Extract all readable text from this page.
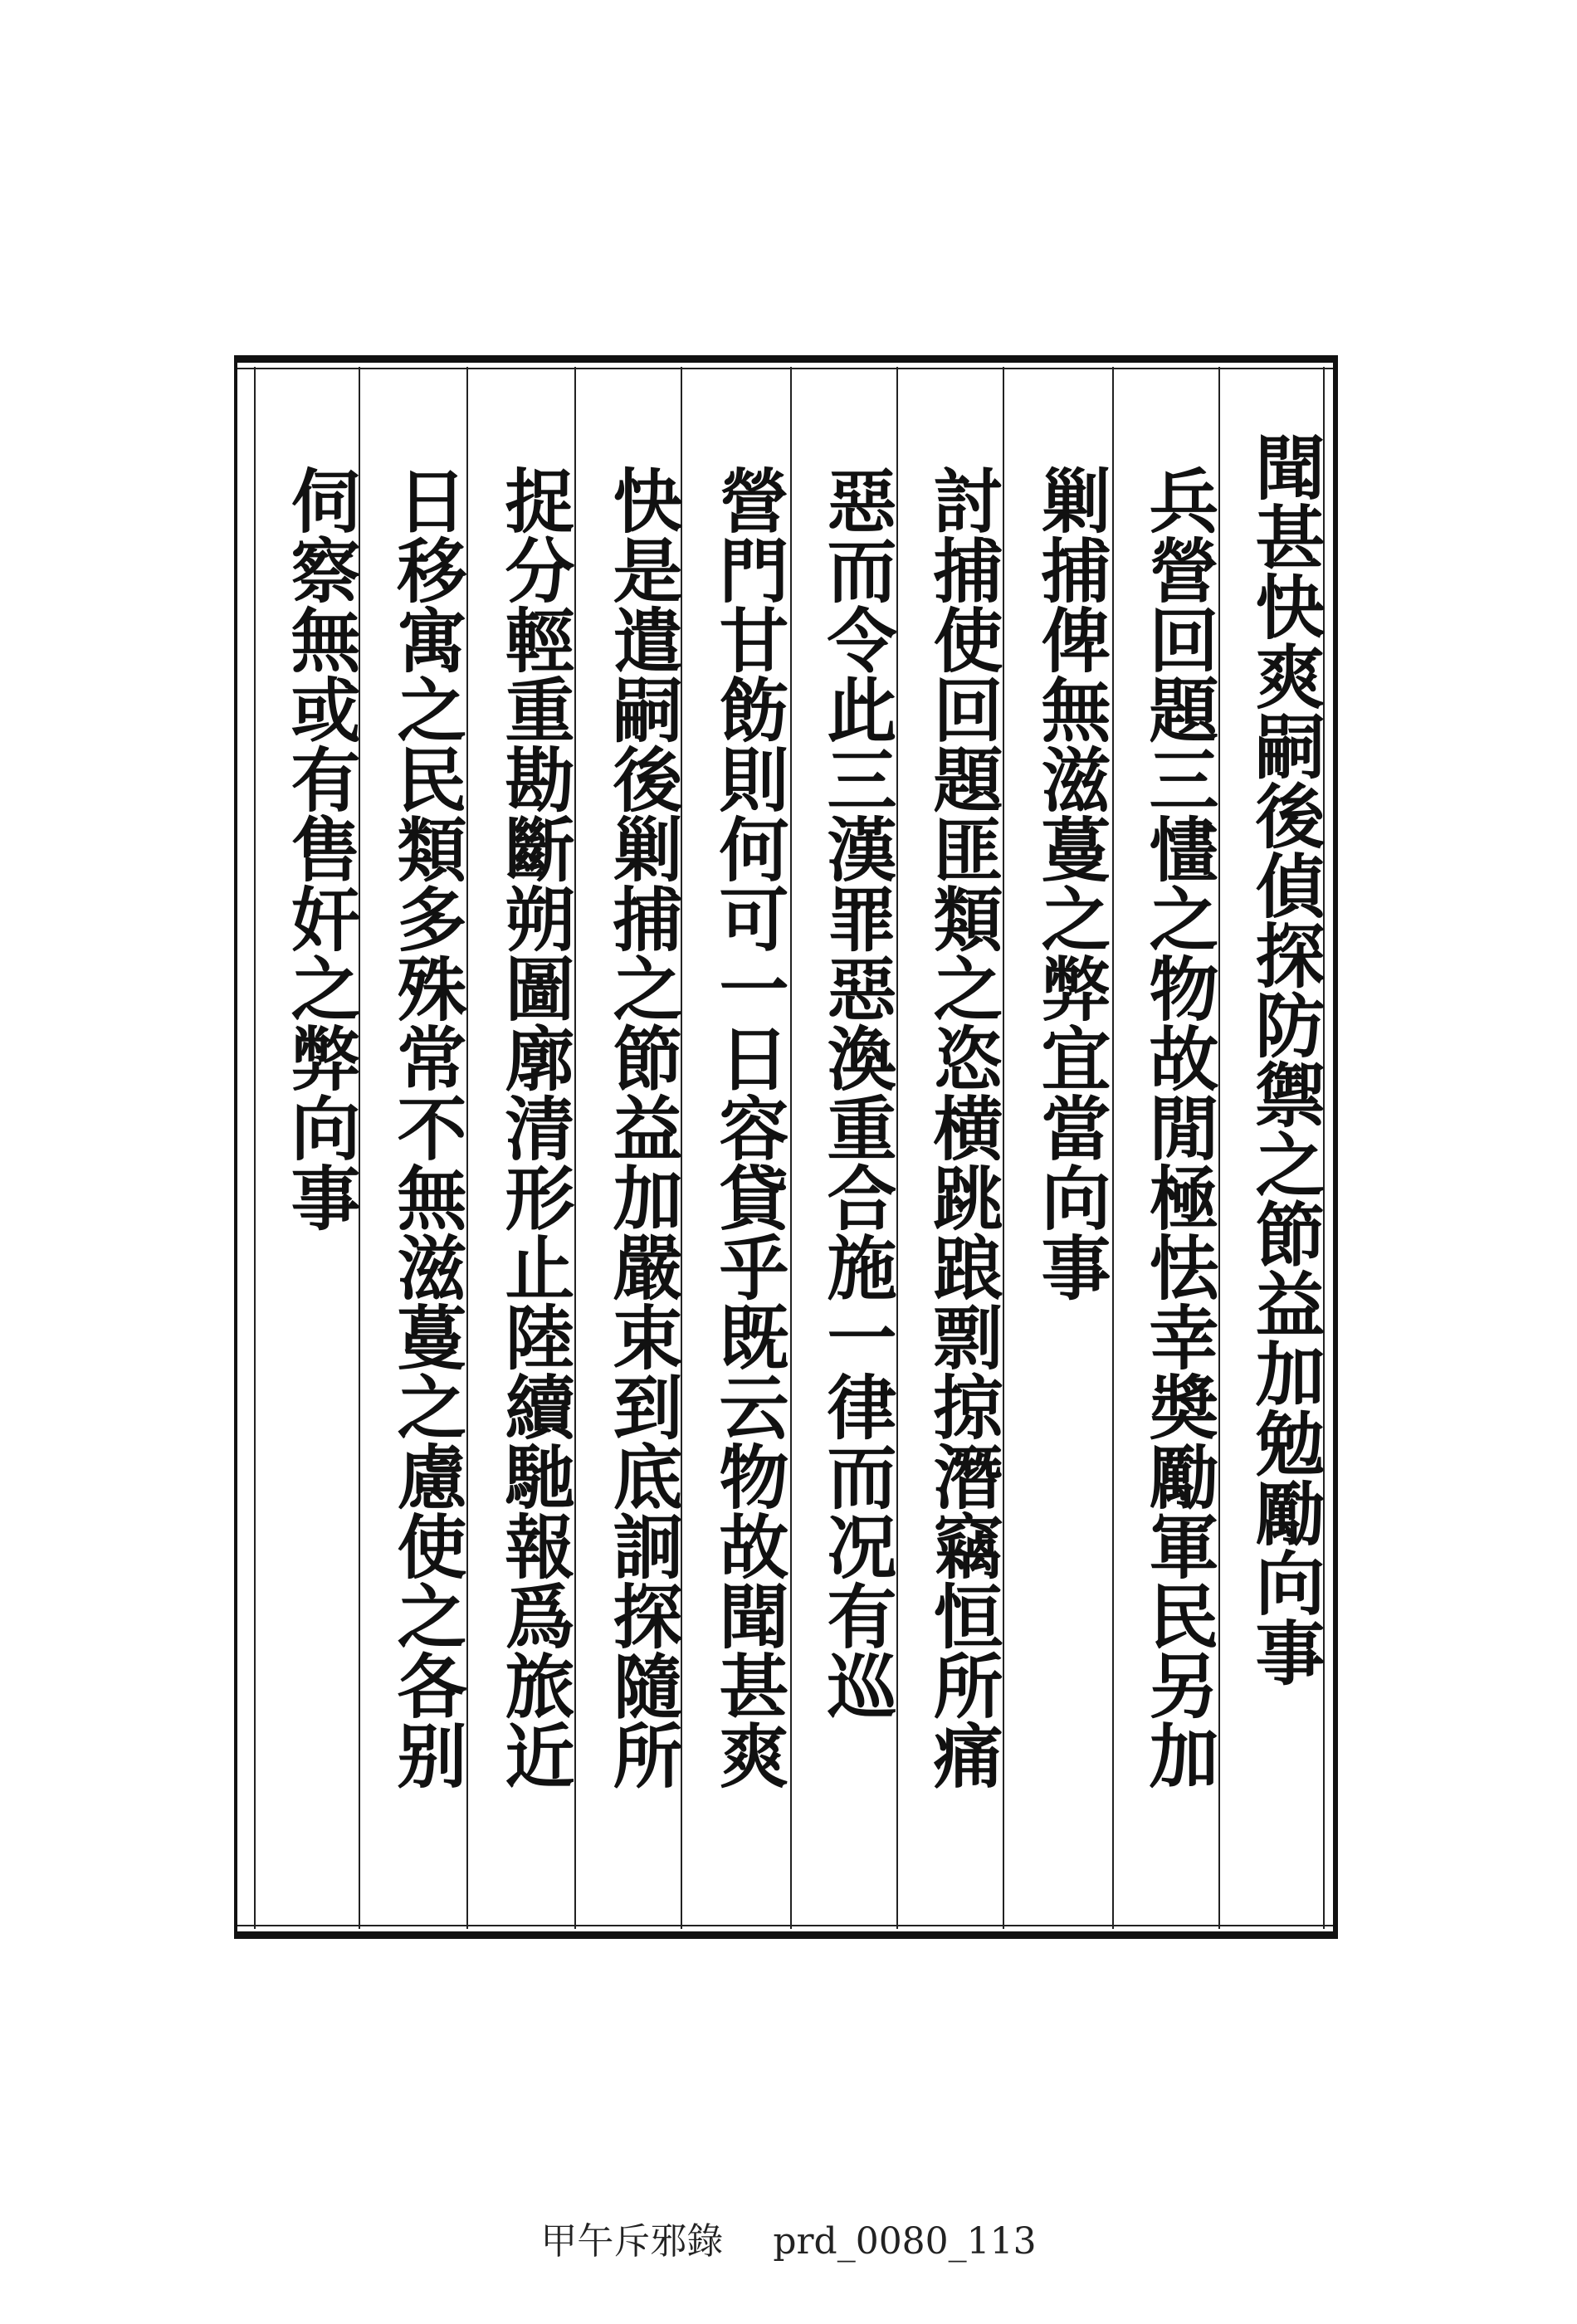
聞甚快爽嗣後偵探防禦之節益加勉勵向事
兵營回題三㦎之物故閒極怯幸奬勵軍民另加
剿捕俾無滋蔓之弊宜當向事
討捕使回題匪類之恣横跳踉剽掠潛竊恒所痛
惡而令此三漢罪惡渙重合施一律而况有巡
營門甘飭則何可一日容貸乎既云物故聞甚爽
快是遣嗣後剿捕之節益加嚴束到底詗探隨所
捉分輕重勘斷朔圖廓清形止陸續馳報爲旅近
日移寓之民類多殊常不無滋蔓之慮使之各别
伺察無或有售奸之弊向事
甲午斥邪錄 prd_0080_113
